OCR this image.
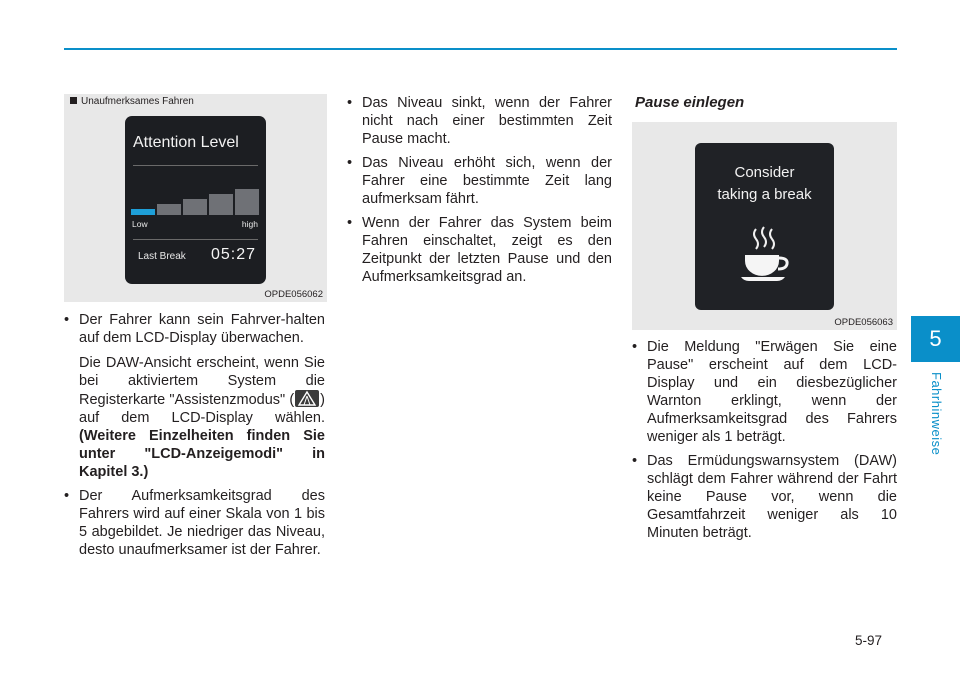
5
Fahrhinweise
Unaufmerksames Fahren
Attention Level
Low	high
Last Break 05:27
OPDE056062

• Der Fahrer kann sein Fahrver-halten auf dem LCD-Display überwachen.

Die DAW-Ansicht erscheint, wenn Sie bei aktiviertem System die Registerkarte "Assistenzmodus" ( ) auf dem LCD-Display wählen. (Weitere Einzelheiten finden Sie unter "LCD-Anzeigemodi" in Kapitel 3.)

• Der Aufmerksamkeitsgrad des Fahrers wird auf einer Skala von 1 bis 5 abgebildet. Je niedriger das Niveau, desto unaufmerksamer ist der Fahrer.

• Das Niveau sinkt, wenn der Fahrer nicht nach einer bestimmten Zeit Pause macht.

• Das Niveau erhöht sich, wenn der Fahrer eine bestimmte Zeit lang aufmerksam fährt.

• Wenn der Fahrer das System beim Fahren einschaltet, zeigt es den Zeitpunkt der letzten Pause und den Aufmerksamkeitsgrad an.

Pause einlegen
Consider
taking a break
OPDE056063

• Die Meldung "Erwägen Sie eine Pause" erscheint auf dem LCD-Display und ein diesbezüglicher Warnton erklingt, wenn der Aufmerksamkeitsgrad des Fahrers weniger als 1 beträgt.

• Das Ermüdungswarnsystem (DAW) schlägt dem Fahrer während der Fahrt keine Pause vor, wenn die Gesamtfahrzeit weniger als 10 Minuten beträgt.

5-97
